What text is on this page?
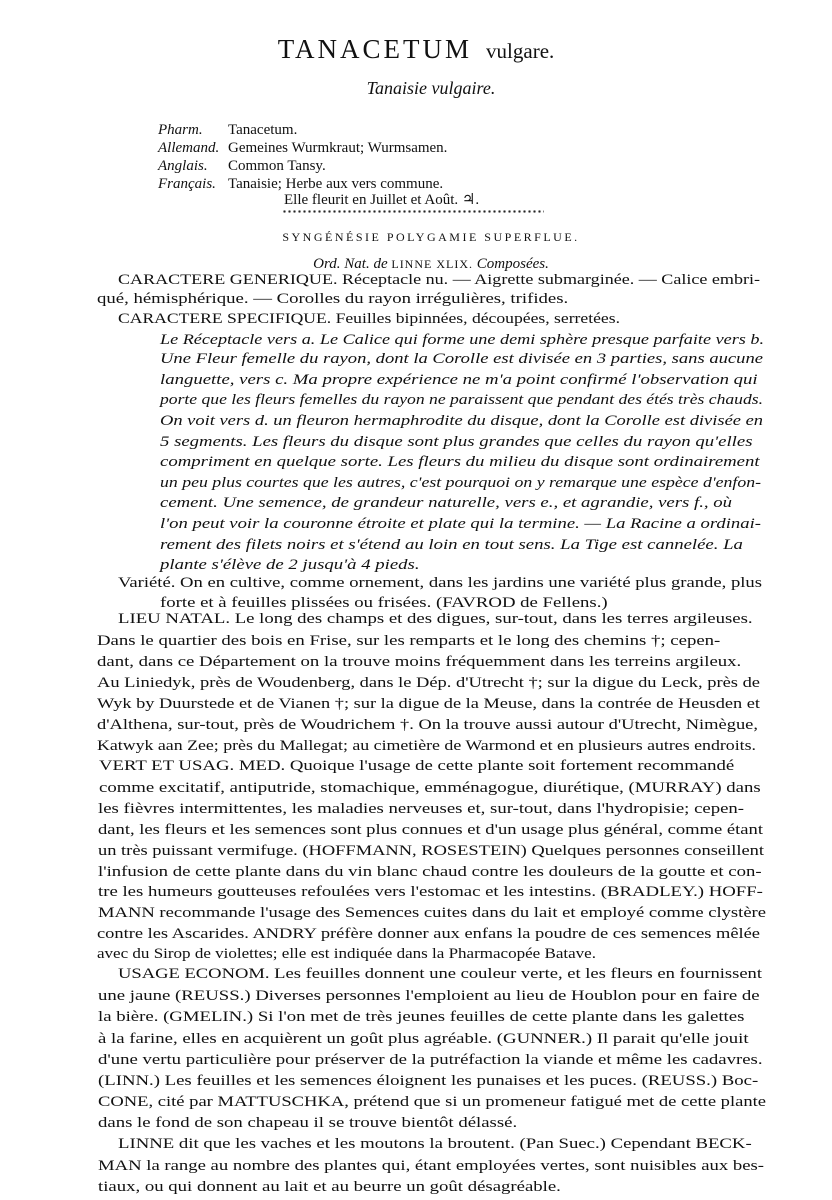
TANACETUM vulgare.
Tanaisie vulgaire.
Pharm. Tanacetum.
Allemand. Gemeines Wurmkraut; Wurmsamen.
Anglais. Common Tansy.
Français. Tanaisie; Herbe aux vers commune.
Elle fleurit en Juillet et Août. ♃.
SYNGÉNÉSIE POLYGAMIE SUPERFLUE.
Ord. Nat. de LINNE XLIX. Composées.
CARACTERE GENERIQUE. Réceptacle nu. — Aigrette submarginée. — Calice embri-
qué, hémisphérique. — Corolles du rayon irrégulières, trifides.
CARACTERE SPECIFIQUE. Feuilles bipinnées, découpées, serretées.
Le Réceptacle vers a. Le Calice qui forme une demi sphère presque parfaite vers b.
Une Fleur femelle du rayon, dont la Corolle est divisée en 3 parties, sans aucune
languette, vers c. Ma propre expérience ne m'a point confirmé l'observation qui
porte que les fleurs femelles du rayon ne paraissent que pendant des étés très chauds.
On voit vers d. un fleuron hermaphrodite du disque, dont la Corolle est divisée en
5 segments. Les fleurs du disque sont plus grandes que celles du rayon qu'elles
compriment en quelque sorte. Les fleurs du milieu du disque sont ordinairement
un peu plus courtes que les autres, c'est pourquoi on y remarque une espèce d'enfon-
cement. Une semence, de grandeur naturelle, vers e., et agrandie, vers f., où
l'on peut voir la couronne étroite et plate qui la termine. — La Racine a ordinai-
rement des filets noirs et s'étend au loin en tout sens. La Tige est cannelée. La
plante s'élève de 2 jusqu'à 4 pieds.
Variété. On en cultive, comme ornement, dans les jardins une variété plus grande, plus
forte et à feuilles plissées ou frisées. (FAVROD de Fellens.)
LIEU NATAL. Le long des champs et des digues, sur-tout, dans les terres argileuses.
Dans le quartier des bois en Frise, sur les remparts et le long des chemins †; cepen-
dant, dans ce Département on la trouve moins fréquemment dans les terreins argileux.
Au Liniedyk, près de Woudenberg, dans le Dép. d'Utrecht †; sur la digue du Leck, près de
Wyk by Duurstede et de Vianen †; sur la digue de la Meuse, dans la contrée de Heusden et
d'Althena, sur-tout, près de Woudrichem †. On la trouve aussi autour d'Utrecht, Nimègue,
Katwyk aan Zee; près du Mallegat; au cimetière de Warmond et en plusieurs autres endroits.
VERT ET USAG. MED. Quoique l'usage de cette plante soit fortement recommandé
comme excitatif, antiputride, stomachique, emménagogue, diurétique, (MURRAY) dans
les fièvres intermittentes, les maladies nerveuses et, sur-tout, dans l'hydropisie; cepen-
dant, les fleurs et les semences sont plus connues et d'un usage plus général, comme étant
un très puissant vermifuge. (HOFFMANN, ROSESTEIN) Quelques personnes conseillent
l'infusion de cette plante dans du vin blanc chaud contre les douleurs de la goutte et con-
tre les humeurs goutteuses refoulées vers l'estomac et les intestins. (BRADLEY.) HOFF-
MANN recommande l'usage des Semences cuites dans du lait et employé comme clystère
contre les Ascarides. ANDRY préfère donner aux enfans la poudre de ces semences mêlée
avec du Sirop de violettes; elle est indiquée dans la Pharmacopée Batave.
USAGE ECONOM. Les feuilles donnent une couleur verte, et les fleurs en fournissent
une jaune (REUSS.) Diverses personnes l'emploient au lieu de Houblon pour en faire de
la bière. (GMELIN.) Si l'on met de très jeunes feuilles de cette plante dans les galettes
à la farine, elles en acquièrent un goût plus agréable. (GUNNER.) Il parait qu'elle jouit
d'une vertu particulière pour préserver de la putréfaction la viande et même les cadavres.
(LINN.) Les feuilles et les semences éloignent les punaises et les puces. (REUSS.) Boc-
CONE, cité par MATTUSCHKA, prétend que si un promeneur fatigué met de cette plante
dans le fond de son chapeau il se trouve bientôt délassé.
LINNE dit que les vaches et les moutons la broutent. (Pan Suec.) Cependant BECK-
MAN la range au nombre des plantes qui, étant employées vertes, sont nuisibles aux bes-
tiaux, ou qui donnent au lait et au beurre un goût désagréable.
